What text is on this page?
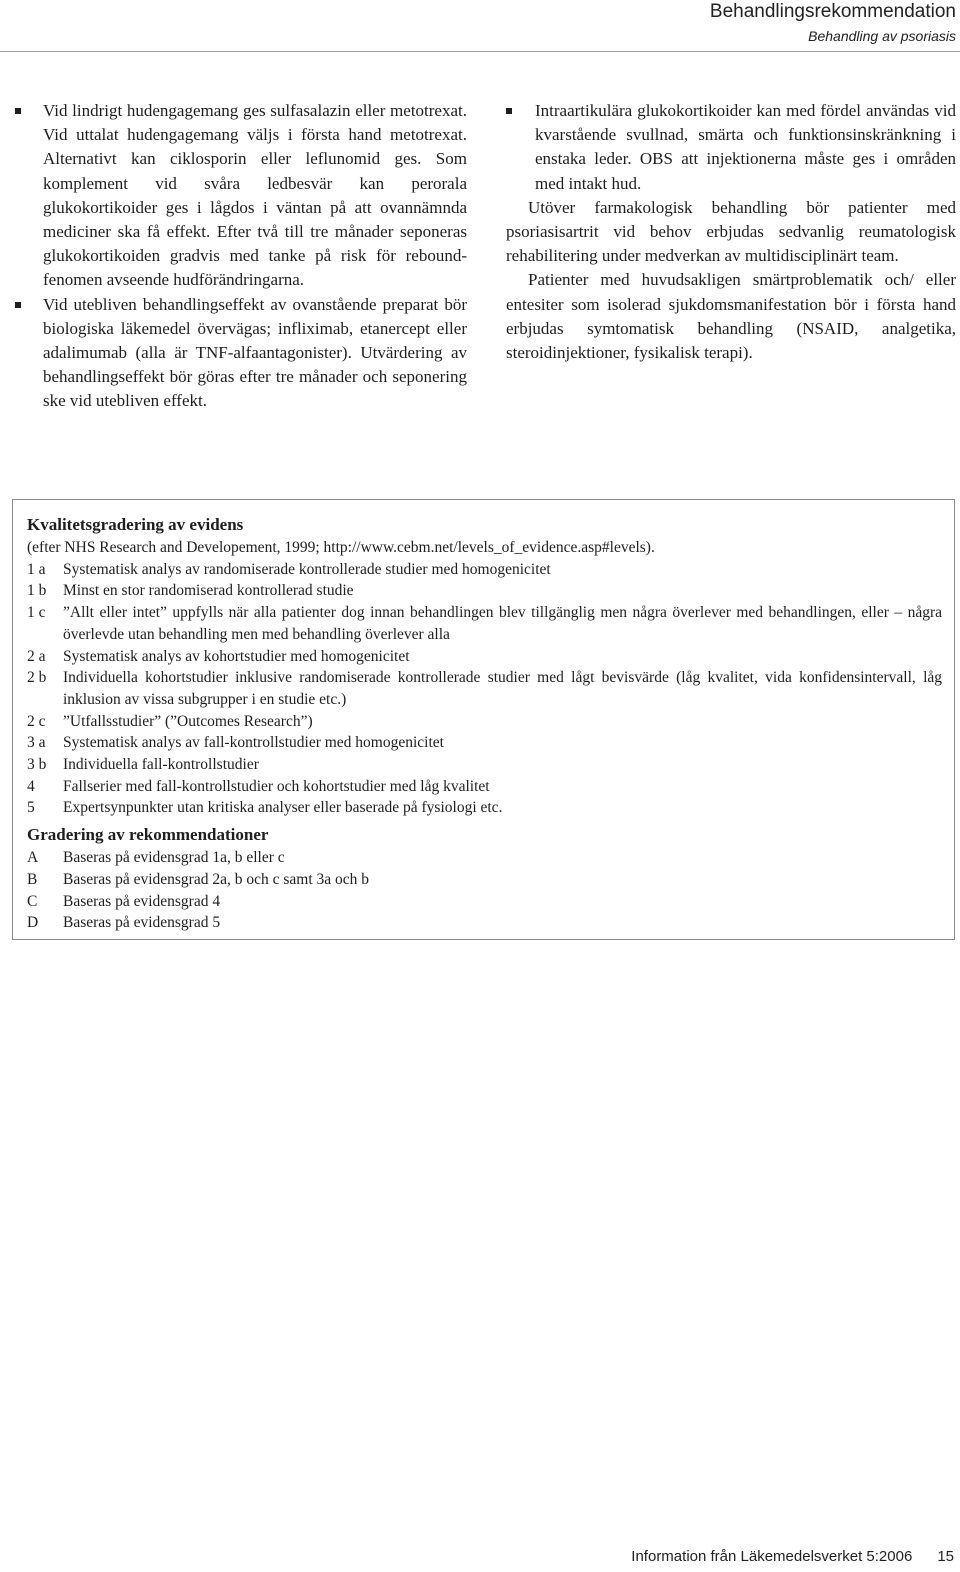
Behandlingsrekommendation
Behandling av psoriasis
Vid lindrigt hudengagemang ges sulfasalazin eller metotrexat. Vid uttalat hudengagemang väljs i första hand metotrexat. Alternativt kan ciklosporin eller leflunomid ges. Som komplement vid svåra ledbesvär kan perorala glukokortikoider ges i lågdos i väntan på att ovannämnda mediciner ska få effekt. Efter två till tre månader seponeras glukokortikoiden gradvis med tanke på risk för rebound-fenomen avseende hudförändringarna.
Vid utebliven behandlingseffekt av ovanstående preparat bör biologiska läkemedel övervägas; infliximab, etanercept eller adalimumab (alla är TNF-alfaantagonister). Utvärdering av behandlingseffekt bör göras efter tre månader och seponering ske vid utebliven effekt.
Intraartikulära glukokortikoider kan med fördel användas vid kvarstående svullnad, smärta och funktionsinskränkning i enstaka leder. OBS att injektionerna måste ges i områden med intakt hud.

Utöver farmakologisk behandling bör patienter med psoriasisartrit vid behov erbjudas sedvanlig reumatologisk rehabilitering under medverkan av multidisciplinärt team.

Patienter med huvudsakligen smärtproblematik och/ eller entesiter som isolerad sjukdomsmanifestation bör i första hand erbjudas symtomatisk behandling (NSAID, analgetika, steroidinjektioner, fysikalisk terapi).

Kvalitetsgradering av evidens

(efter NHS Research and Developement, 1999; http://www.cebm.net/levels_of_evidence.asp#levels).

1 a	Systematisk analys av randomiserade kontrollerade studier med homogenicitet
1 b	Minst en stor randomiserad kontrollerad studie
1 c	”Allt eller intet” uppfylls när alla patienter dog innan behandlingen blev tillgänglig men några överlever med behandlingen, eller – några överlevde utan behandling men med behandling överlever alla
2 a	Systematisk analys av kohortstudier med homogenicitet
2 b	Individuella kohortstudier inklusive randomiserade kontrollerade studier med lågt bevisvärde (låg kvalitet, vida konfidensintervall, låg inklusion av vissa subgrupper i en studie etc.)
2 c	”Utfallsstudier” (”Outcomes Research”)
3 a	Systematisk analys av fall-kontrollstudier med homogenicitet
3 b	Individuella fall-kontrollstudier
4	Fallserier med fall-kontrollstudier och kohortstudier med låg kvalitet
5	Expertsynpunkter utan kritiska analyser eller baserade på fysiologi etc.

Gradering av rekommendationer

A	Baseras på evidensgrad 1a, b eller c
B	Baseras på evidensgrad 2a, b och c samt 3a och b
C	Baseras på evidensgrad 4
D	Baseras på evidensgrad 5
Information från Läkemedelsverket 5:2006 15
